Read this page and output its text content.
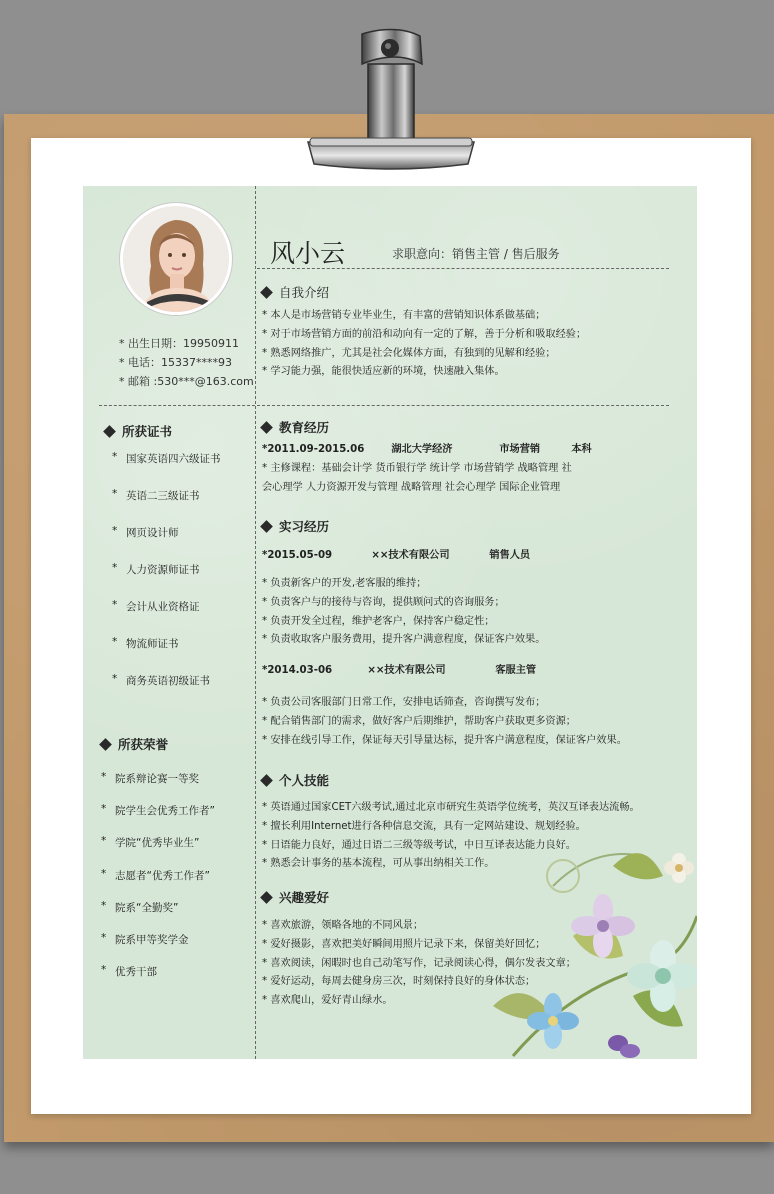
* 出生日期：19950911
* 电话：15337****93
* 邮箱 :530***@163.com
所获证书
* 国家英语四六级证书
* 英语二三级证书
* 网页设计师
* 人力资源师证书
* 会计从业资格证
* 物流师证书
* 商务英语初级证书
所获荣誉
* 院系辩论赛一等奖
* 院学生会优秀工作者”
* 学院“优秀毕业生”
* 志愿者“优秀工作者”
* 院系“全勤奖”
* 院系甲等奖学金
* 优秀干部
风小云	求职意向：销售主管 / 售后服务
自我介绍
* 本人是市场营销专业毕业生，有丰富的营销知识体系做基础；
* 对于市场营销方面的前沿和动向有一定的了解，善于分析和吸取经验；
* 熟悉网络推广，尤其是社会化媒体方面，有独到的见解和经验；
* 学习能力强，能很快适应新的环境，快速融入集体。
教育经历
*2011.09-2015.06	湖北大学经济	市场营销	本科
* 主修课程：基础会计学 货币银行学 统计学 市场营销学 战略管理 社
会心理学 人力资源开发与管理 战略管理 社会心理学 国际企业管理
实习经历
*2015.05-09	××技术有限公司	销售人员
* 负责新客户的开发,老客服的维持；
* 负责客户与的接待与咨询，提供顾问式的咨询服务；
* 负责开发全过程，维护老客户，保持客户稳定性；
* 负责收取客户服务费用，提升客户满意程度，保证客户效果。
*2014.03-06	××技术有限公司	客服主管
* 负责公司客服部门日常工作，安排电话筛查，咨询撰写发布；
* 配合销售部门的需求，做好客户后期维护，帮助客户获取更多资源；
* 安排在线引导工作，保证每天引导量达标，提升客户满意程度，保证客户效果。
个人技能
* 英语通过国家CET六级考试,通过北京市研究生英语学位统考，英汉互译表达流畅。
* 擅长利用Internet进行各种信息交流，具有一定网站建设、规划经验。
* 日语能力良好，通过日语二三级等级考试，中日互译表达能力良好。
* 熟悉会计事务的基本流程，可从事出纳相关工作。
兴趣爱好
* 喜欢旅游，领略各地的不同风景；
* 爱好摄影，喜欢把美好瞬间用照片记录下来，保留美好回忆；
* 喜欢阅读，闲暇时也自己动笔写作，记录阅读心得，偶尔发表文章；
* 爱好运动，每周去健身房三次，时刻保持良好的身体状态；
* 喜欢爬山，爱好青山绿水。
